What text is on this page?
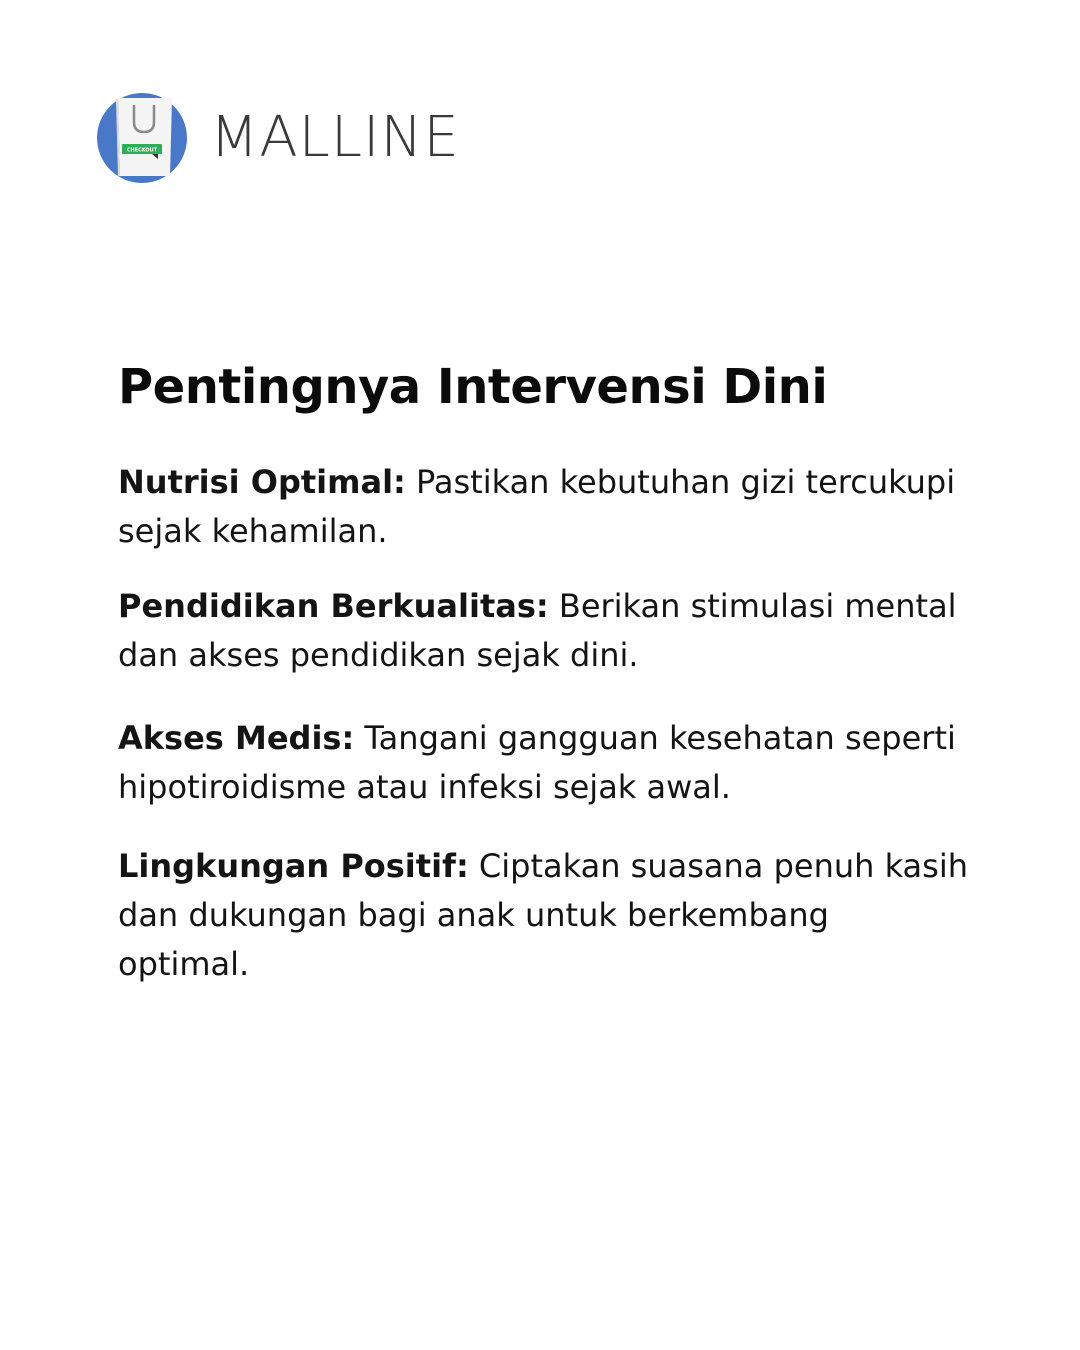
CHECKOUT MALLINE
Pentingnya Intervensi Dini

Nutrisi Optimal: Pastikan kebutuhan gizi tercukupi sejak kehamilan.

Pendidikan Berkualitas: Berikan stimulasi mental dan akses pendidikan sejak dini.

Akses Medis: Tangani gangguan kesehatan seperti hipotiroidisme atau infeksi sejak awal.

Lingkungan Positif: Ciptakan suasana penuh kasih dan dukungan bagi anak untuk berkembang optimal.
